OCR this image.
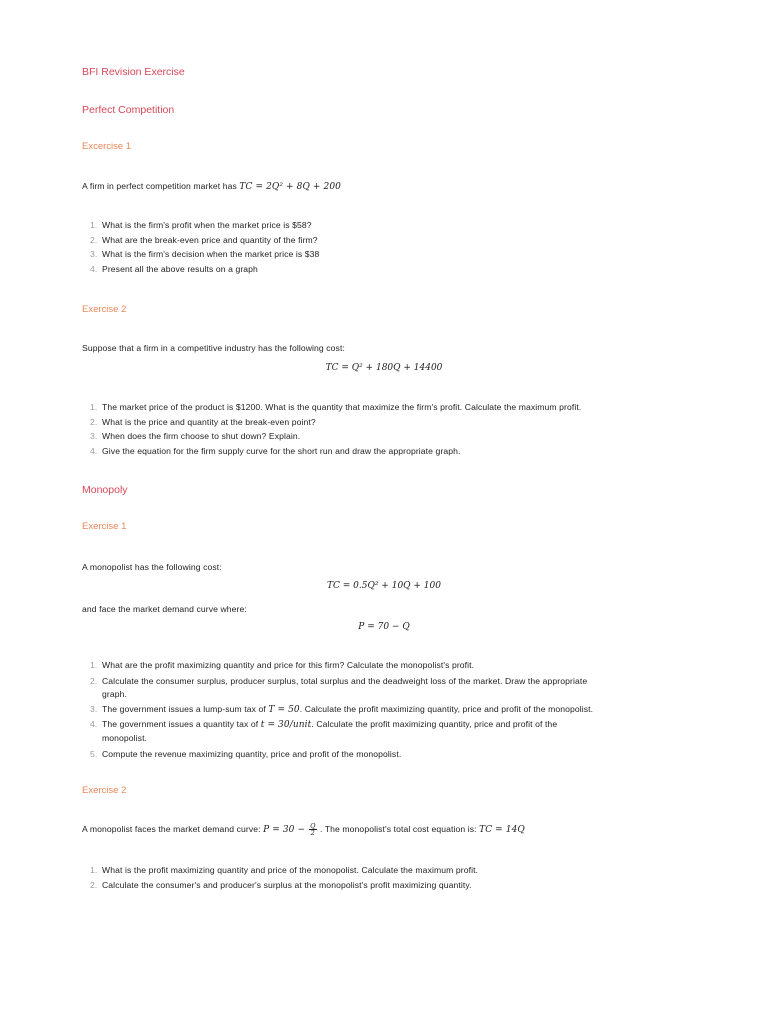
BFI Revision Exercise
Perfect Competition
Excercise 1

A firm in perfect competition market has TC = 2Q² + 8Q + 200

1. What is the firm's profit when the market price is $58?
2. What are the break-even price and quantity of the firm?
3. What is the firm's decision when the market price is $38
4. Present all the above results on a graph
Exercise 2

Suppose that a firm in a competitive industry has the following cost:

TC = Q² + 180Q + 14400

1. The market price of the product is $1200. What is the quantity that maximize the firm's profit. Calculate the maximum profit.
2. What is the price and quantity at the break-even point?
3. When does the firm choose to shut down? Explain.
4. Give the equation for the firm supply curve for the short run and draw the appropriate graph.
Monopoly
Exercise 1

A monopolist has the following cost:

TC = 0.5Q² + 10Q + 100

and face the market demand curve where:

P = 70 − Q

1. What are the profit maximizing quantity and price for this firm? Calculate the monopolist's profit.
2. Calculate the consumer surplus, producer surplus, total surplus and the deadweight loss of the market. Draw the appropriate
graph.
3. The government issues a lump-sum tax of T = 50. Calculate the profit maximizing quantity, price and profit of the monopolist.
4. The government issues a quantity tax of t = 30/unit. Calculate the profit maximizing quantity, price and profit of the
monopolist.
5. Compute the revenue maximizing quantity, price and profit of the monopolist.
Exercise 2

A monopolist faces the market demand curve: $P = 30 - \frac{Q}{2}$ . The monopolist's total cost equation is: TC = 14Q

1. What is the profit maximizing quantity and price of the monopolist. Calculate the maximum profit.
2. Calculate the consumer's and producer's surplus at the monopolist's profit maximizing quantity.
